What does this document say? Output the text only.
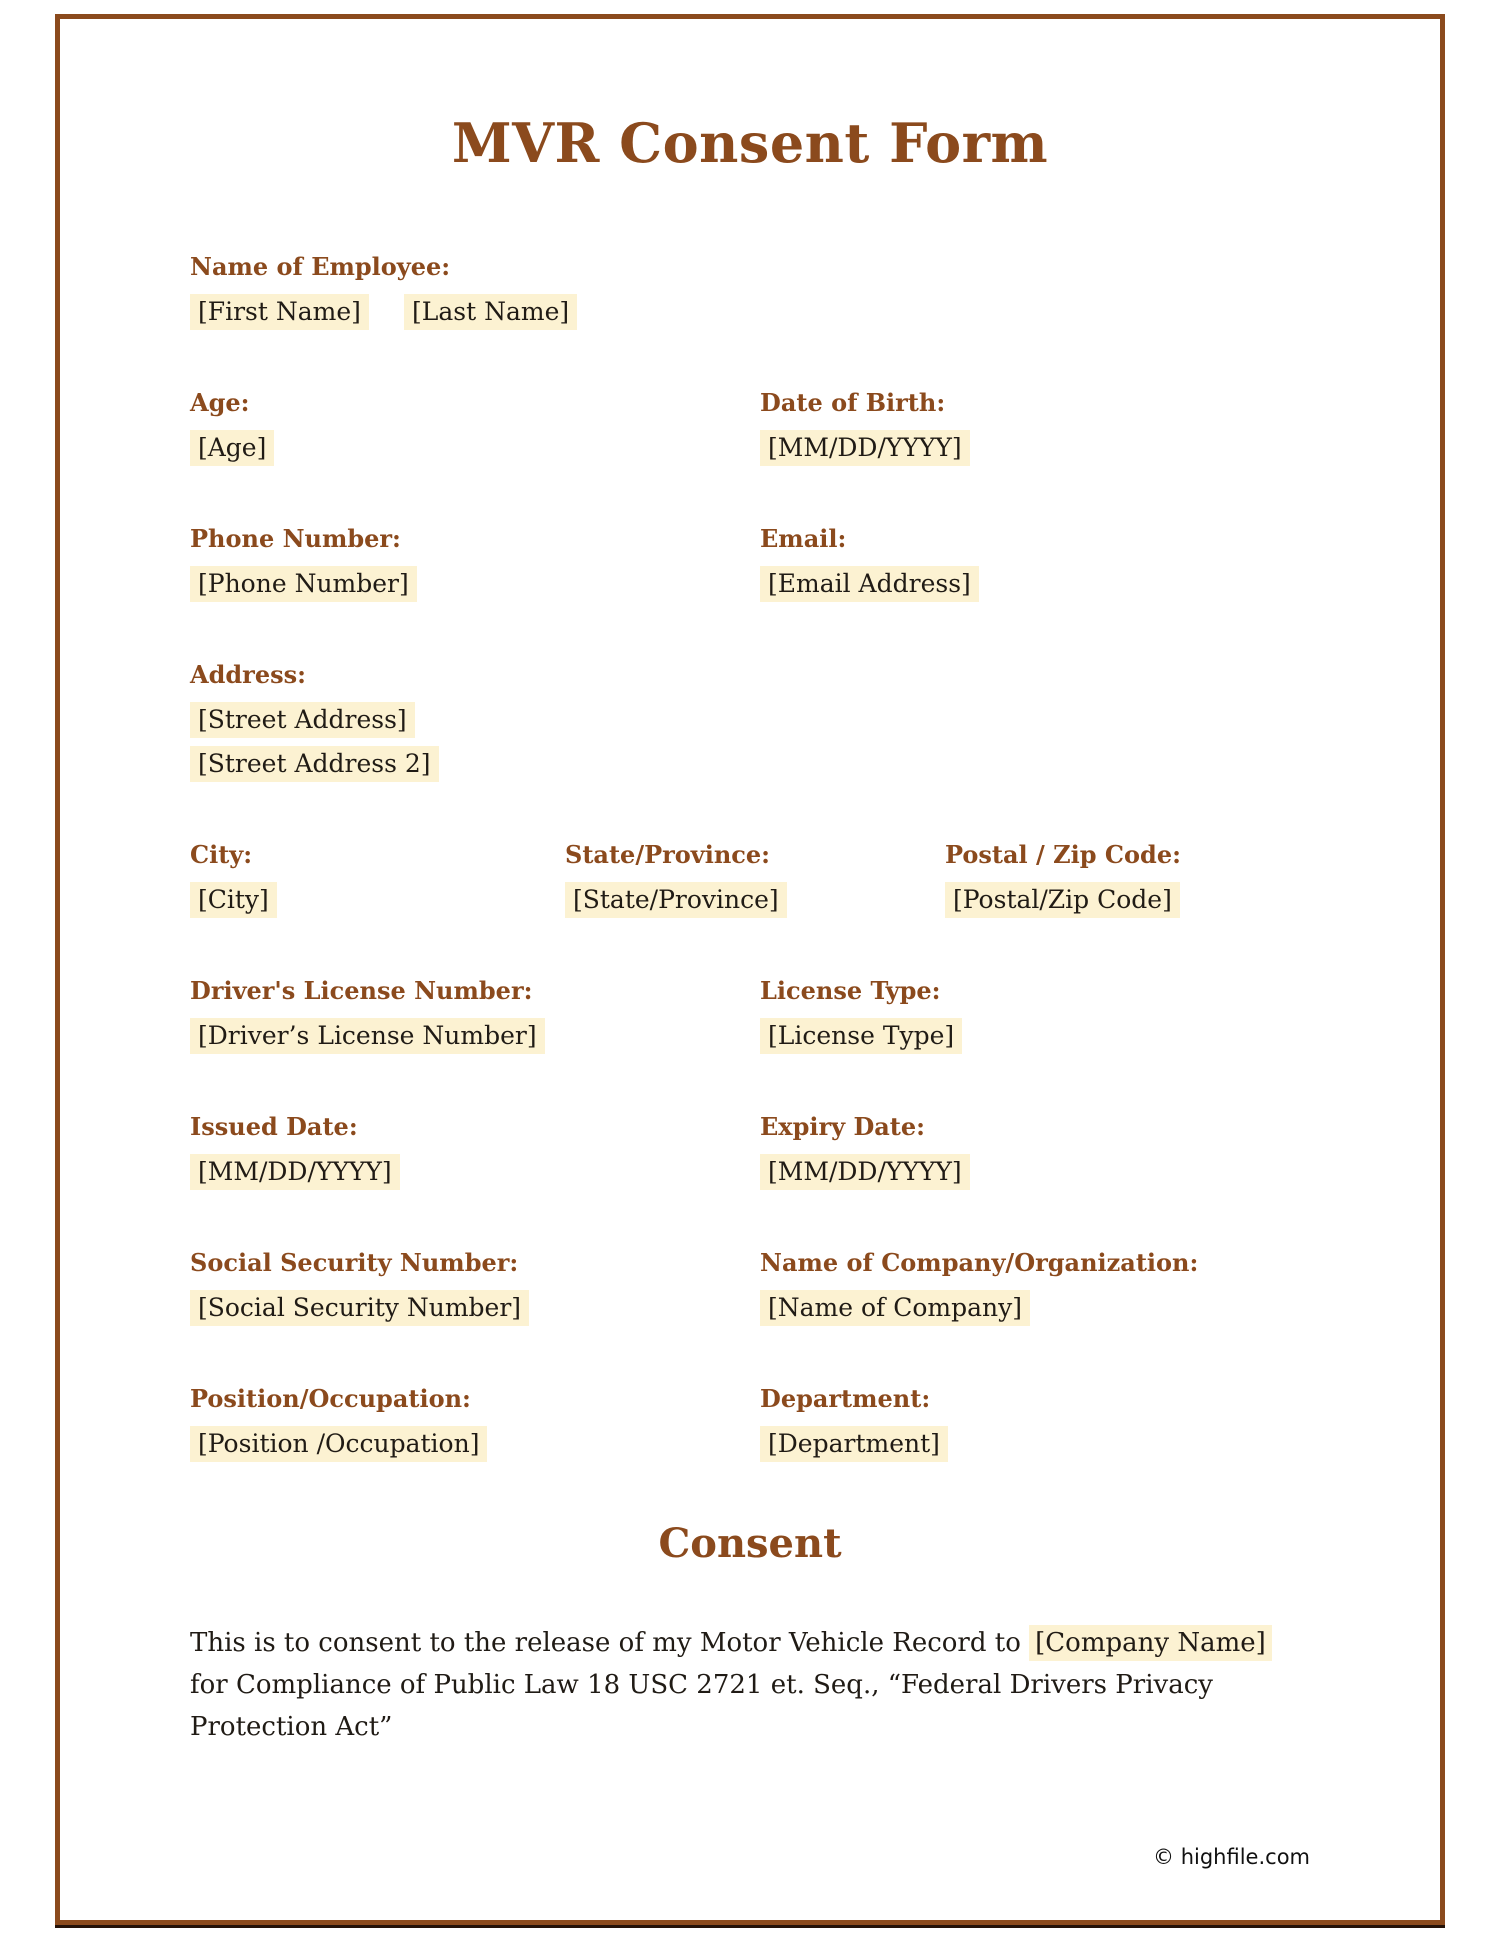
MVR Consent Form
Name of Employee:
[First Name] [Last Name]
Age:
[Age]
Date of Birth:
[MM/DD/YYYY]
Phone Number:
[Phone Number]
Email:
[Email Address]
Address:
[Street Address]
[Street Address 2]
City:
[City]
State/Province:
[State/Province]
Postal / Zip Code:
[Postal/Zip Code]
Driver's License Number:
[Driver’s License Number]
License Type:
[License Type]
Issued Date:
[MM/DD/YYYY]
Expiry Date:
[MM/DD/YYYY]
Social Security Number:
[Social Security Number]
Name of Company/Organization:
[Name of Company]
Position/Occupation:
[Position /Occupation]
Department:
[Department]
Consent

This is to consent to the release of my Motor Vehicle Record to [Company Name] for Compliance of Public Law 18 USC 2721 et. Seq., “Federal Drivers Privacy Protection Act”

© highfile.com
